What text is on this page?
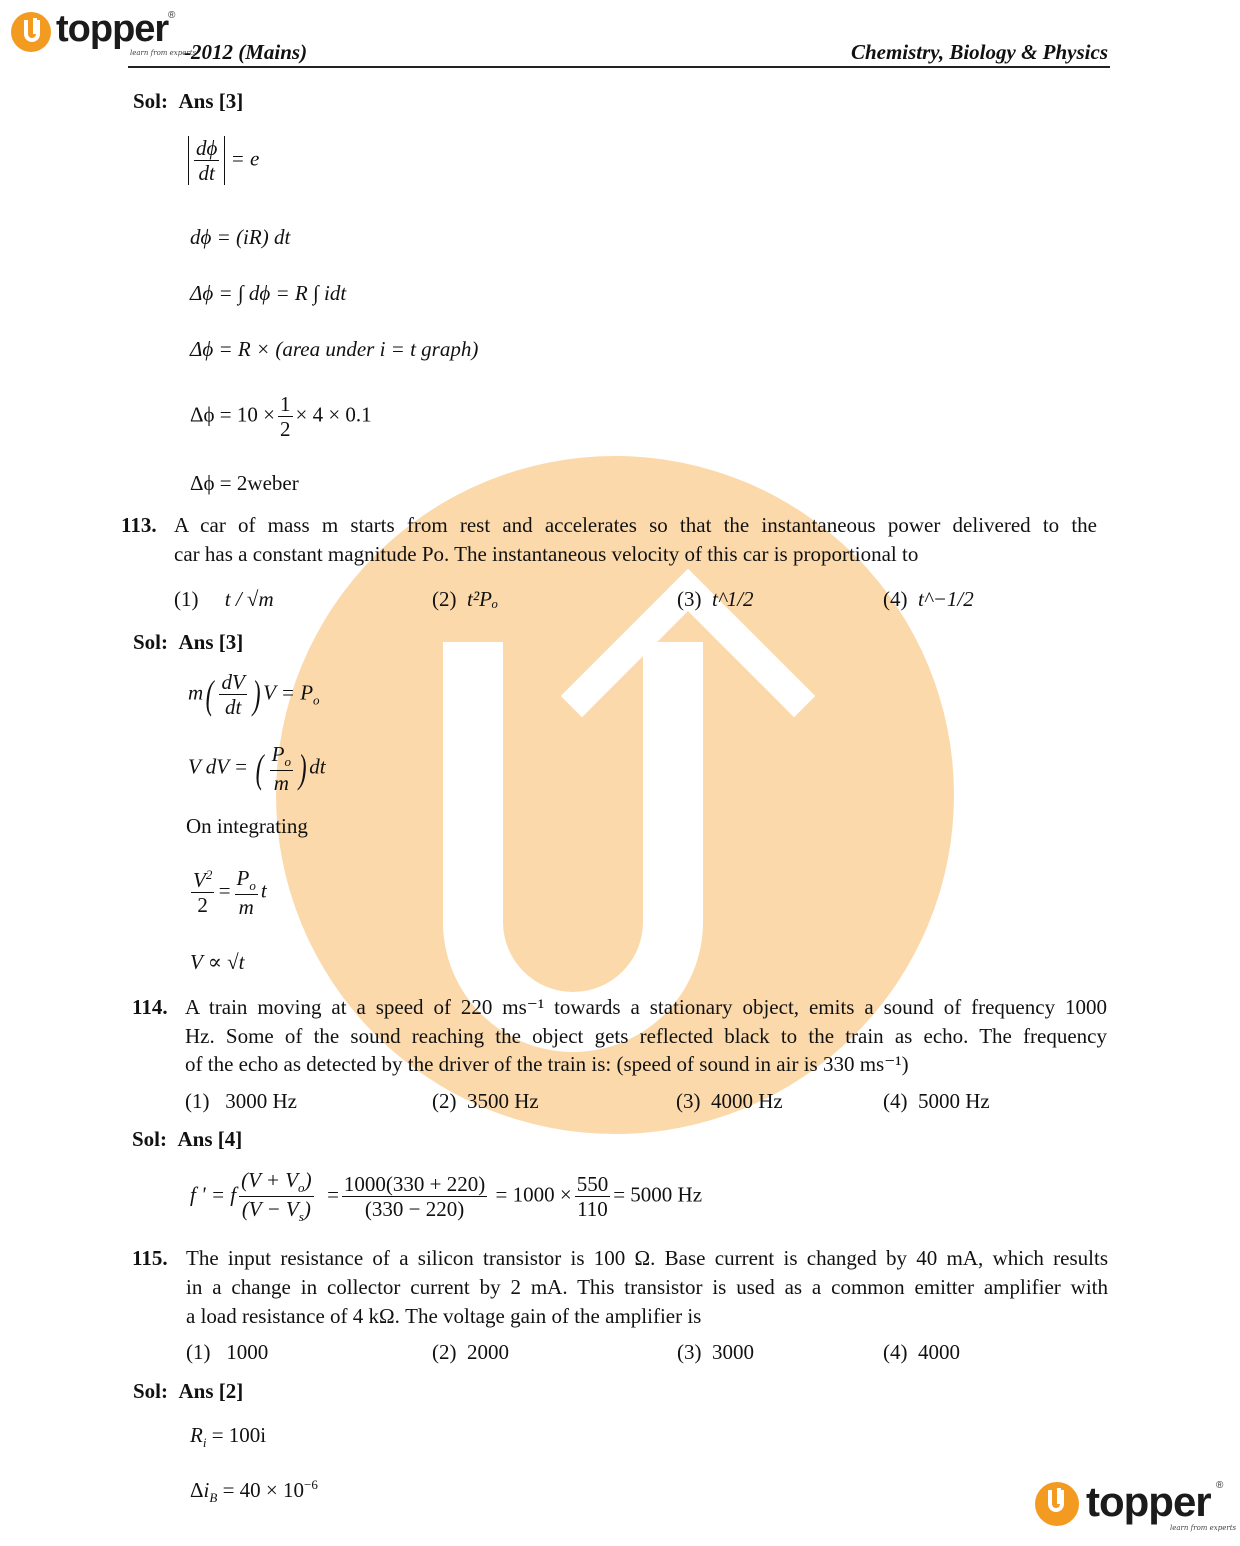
topper ®
learn from experts
-2012 (Mains)	Chemistry, Biology & Physics
Sol: Ans [3]
$\frac{d\phi}{dt} = e$
dϕ = (iR) dt
Δϕ = ∫ dϕ = R ∫ idt
Δϕ = R × (area under i = t graph)
$\Delta\phi = 10 \times \frac{1}{2} \times 4 \times 0.1$
Δϕ = 2weber
113. A car of mass m starts from rest and accelerates so that the instantaneous power delivered to the
car has a constant magnitude Po. The instantaneous velocity of this car is proportional to
(1) t / √m	(2) t²Pₒ	(3) t^1/2	(4) t^−1/2
Sol: Ans [3]
$m( \frac{dV}{dt}$ ) $V = P_o$
V dV = ( $\frac{P_o}{m}$ ) dt
On integrating
$\frac{V^2}{2} = \frac{P_o}{m}$ t
V ∝ √t
114. A train moving at a speed of 220 ms⁻¹ towards a stationary object, emits a sound of frequency 1000
Hz. Some of the sound reaching the object gets reflected black to the train as echo. The frequency
of the echo as detected by the driver of the train is: (speed of sound in air is 330 ms⁻¹)
(1) 3000 Hz	(2) 3500 Hz	(3) 4000 Hz	(4) 5000 Hz
Sol: Ans [4]
f ' = f $\frac{(V + V_o)}{(V - V_s)} = \frac{1000(330 + 220)}{(330 - 220)} = 1000 \times \frac{550}{110} = 5000$ Hz
115. The input resistance of a silicon transistor is 100 Ω. Base current is changed by 40 mA, which results
in a change in collector current by 2 mA. This transistor is used as a common emitter amplifier with
a load resistance of 4 kΩ. The voltage gain of the amplifier is
(1) 1000	(2) 2000	(3) 3000	(4) 4000
Sol: Ans [2]
$R_i = 100i$
$\Delta i_B = 40 \times 10^{-6}$	topper ®
learn from experts
